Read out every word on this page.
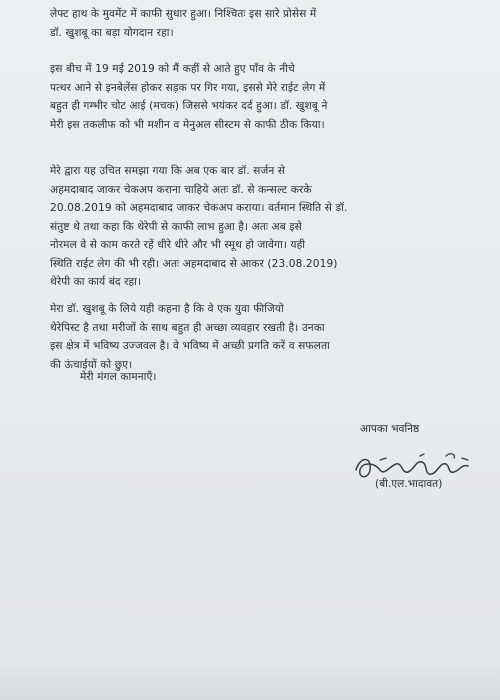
लेफ्ट हाथ के मुवमेंट में काफी सुधार हुआ। निश्चितः इस सारे प्रोसेस में
डॉ. खुशबू का बड़ा योगदान रहा।
इस बीच में 19 मई 2019 को मैं कहीं से आते हुए पाँव के नीचे
पत्थर आने से इनबेलेंस होकर सड़क पर गिर गया, इससे मेरे राईट लेग में
बहुत ही गम्भीर चोट आई (मचक) जिससे भयंकर दर्द हुआ। डॉ. खुशबू ने
मेरी इस तकलीफ को भी मशीन व मेनुअल सीस्टम से काफी ठीक किया।
मेरे द्वारा यह उचित समझा गया कि अब एक बार डॉ. सर्जन से
अहमदाबाद जाकर चेकअप कराना चाहिये अतः डॉ. से कन्सल्ट करके
20.08.2019 को अहमदाबाद जाकर चेकअप कराया। वर्तमान स्थिति से डॉ.
संतुष्ट थे तथा कहा कि थेरेपी से काफी लाभ हुआ है। अतः अब इसे
नोरमल वे से काम करते रहें धीरे धीरे और भी स्मूथ हो जावेगा। यही
स्थिति राईट लेग की भी रही। अतः अहमदाबाद से आकर (23.08.2019)
थेरेपी का कार्य बंद रहा।
मेरा डॉ. खुशबू के लिये यही कहना है कि वे एक युवा फीजियो
थेरेपिस्ट है तथा मरीजों के साथ बहुत ही अच्छा व्यवहार रखती है। उनका
इस क्षेत्र में भविष्य उज्जवल है। वे भविष्य में अच्छी प्रगति करें व सफलता
की ऊंचाईयों को छुए।
मेरी मंगल कामनाएँ।
आपका भवनिष्ठ
(बी.एल.भादावत)
